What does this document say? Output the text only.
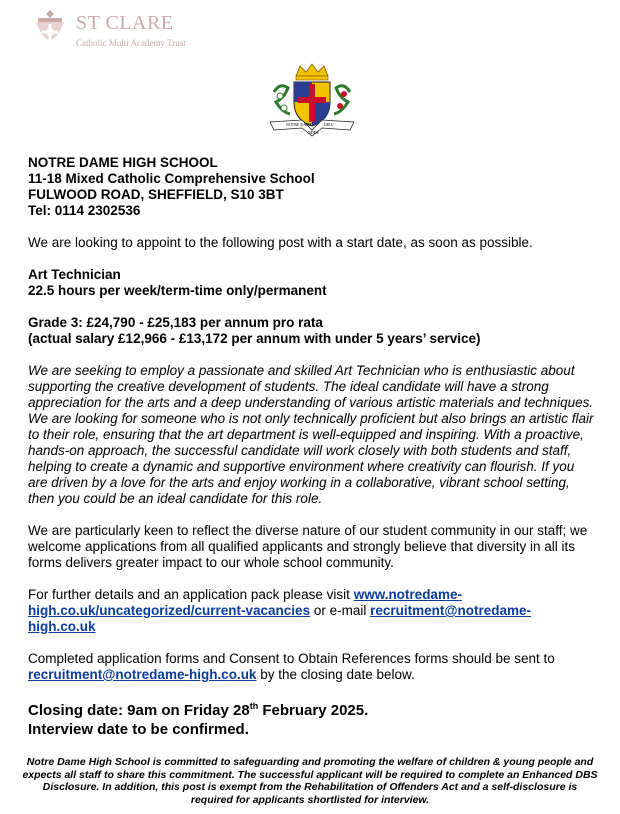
ST CLARE
Catholic Multi Academy Trust
NOTRE DAME
NDHS
DIEU

NOTRE DAME HIGH SCHOOL

11-18 Mixed Catholic Comprehensive School

FULWOOD ROAD, SHEFFIELD, S10 3BT

Tel: 0114 2302536

We are looking to appoint to the following post with a start date, as soon as possible.

Art Technician

22.5 hours per week/term-time only/permanent

Grade 3: £24,790 - £25,183 per annum pro rata

(actual salary £12,966 - £13,172 per annum with under 5 years’ service)

We are seeking to employ a passionate and skilled Art Technician who is enthusiastic about supporting the creative development of students. The ideal candidate will have a strong appreciation for the arts and a deep understanding of various artistic materials and techniques. We are looking for someone who is not only technically proficient but also brings an artistic flair to their role, ensuring that the art department is well-equipped and inspiring. With a proactive, hands-on approach, the successful candidate will work closely with both students and staff, helping to create a dynamic and supportive environment where creativity can flourish. If you are driven by a love for the arts and enjoy working in a collaborative, vibrant school setting, then you could be an ideal candidate for this role.

We are particularly keen to reflect the diverse nature of our student community in our staff; we welcome applications from all qualified applicants and strongly believe that diversity in all its forms delivers greater impact to our whole school community.

For further details and an application pack please visit www.notredame-high.co.uk/uncategorized/current-vacancies or e-mail recruitment@notredame-high.co.uk

Completed application forms and Consent to Obtain References forms should be sent to recruitment@notredame-high.co.uk by the closing date below.

Closing date: 9am on Friday 28th February 2025.

Interview date to be confirmed.

Notre Dame High School is committed to safeguarding and promoting the welfare of children & young people and expects all staff to share this commitment. The successful applicant will be required to complete an Enhanced DBS Disclosure. In addition, this post is exempt from the Rehabilitation of Offenders Act and a self-disclosure is required for applicants shortlisted for interview.
